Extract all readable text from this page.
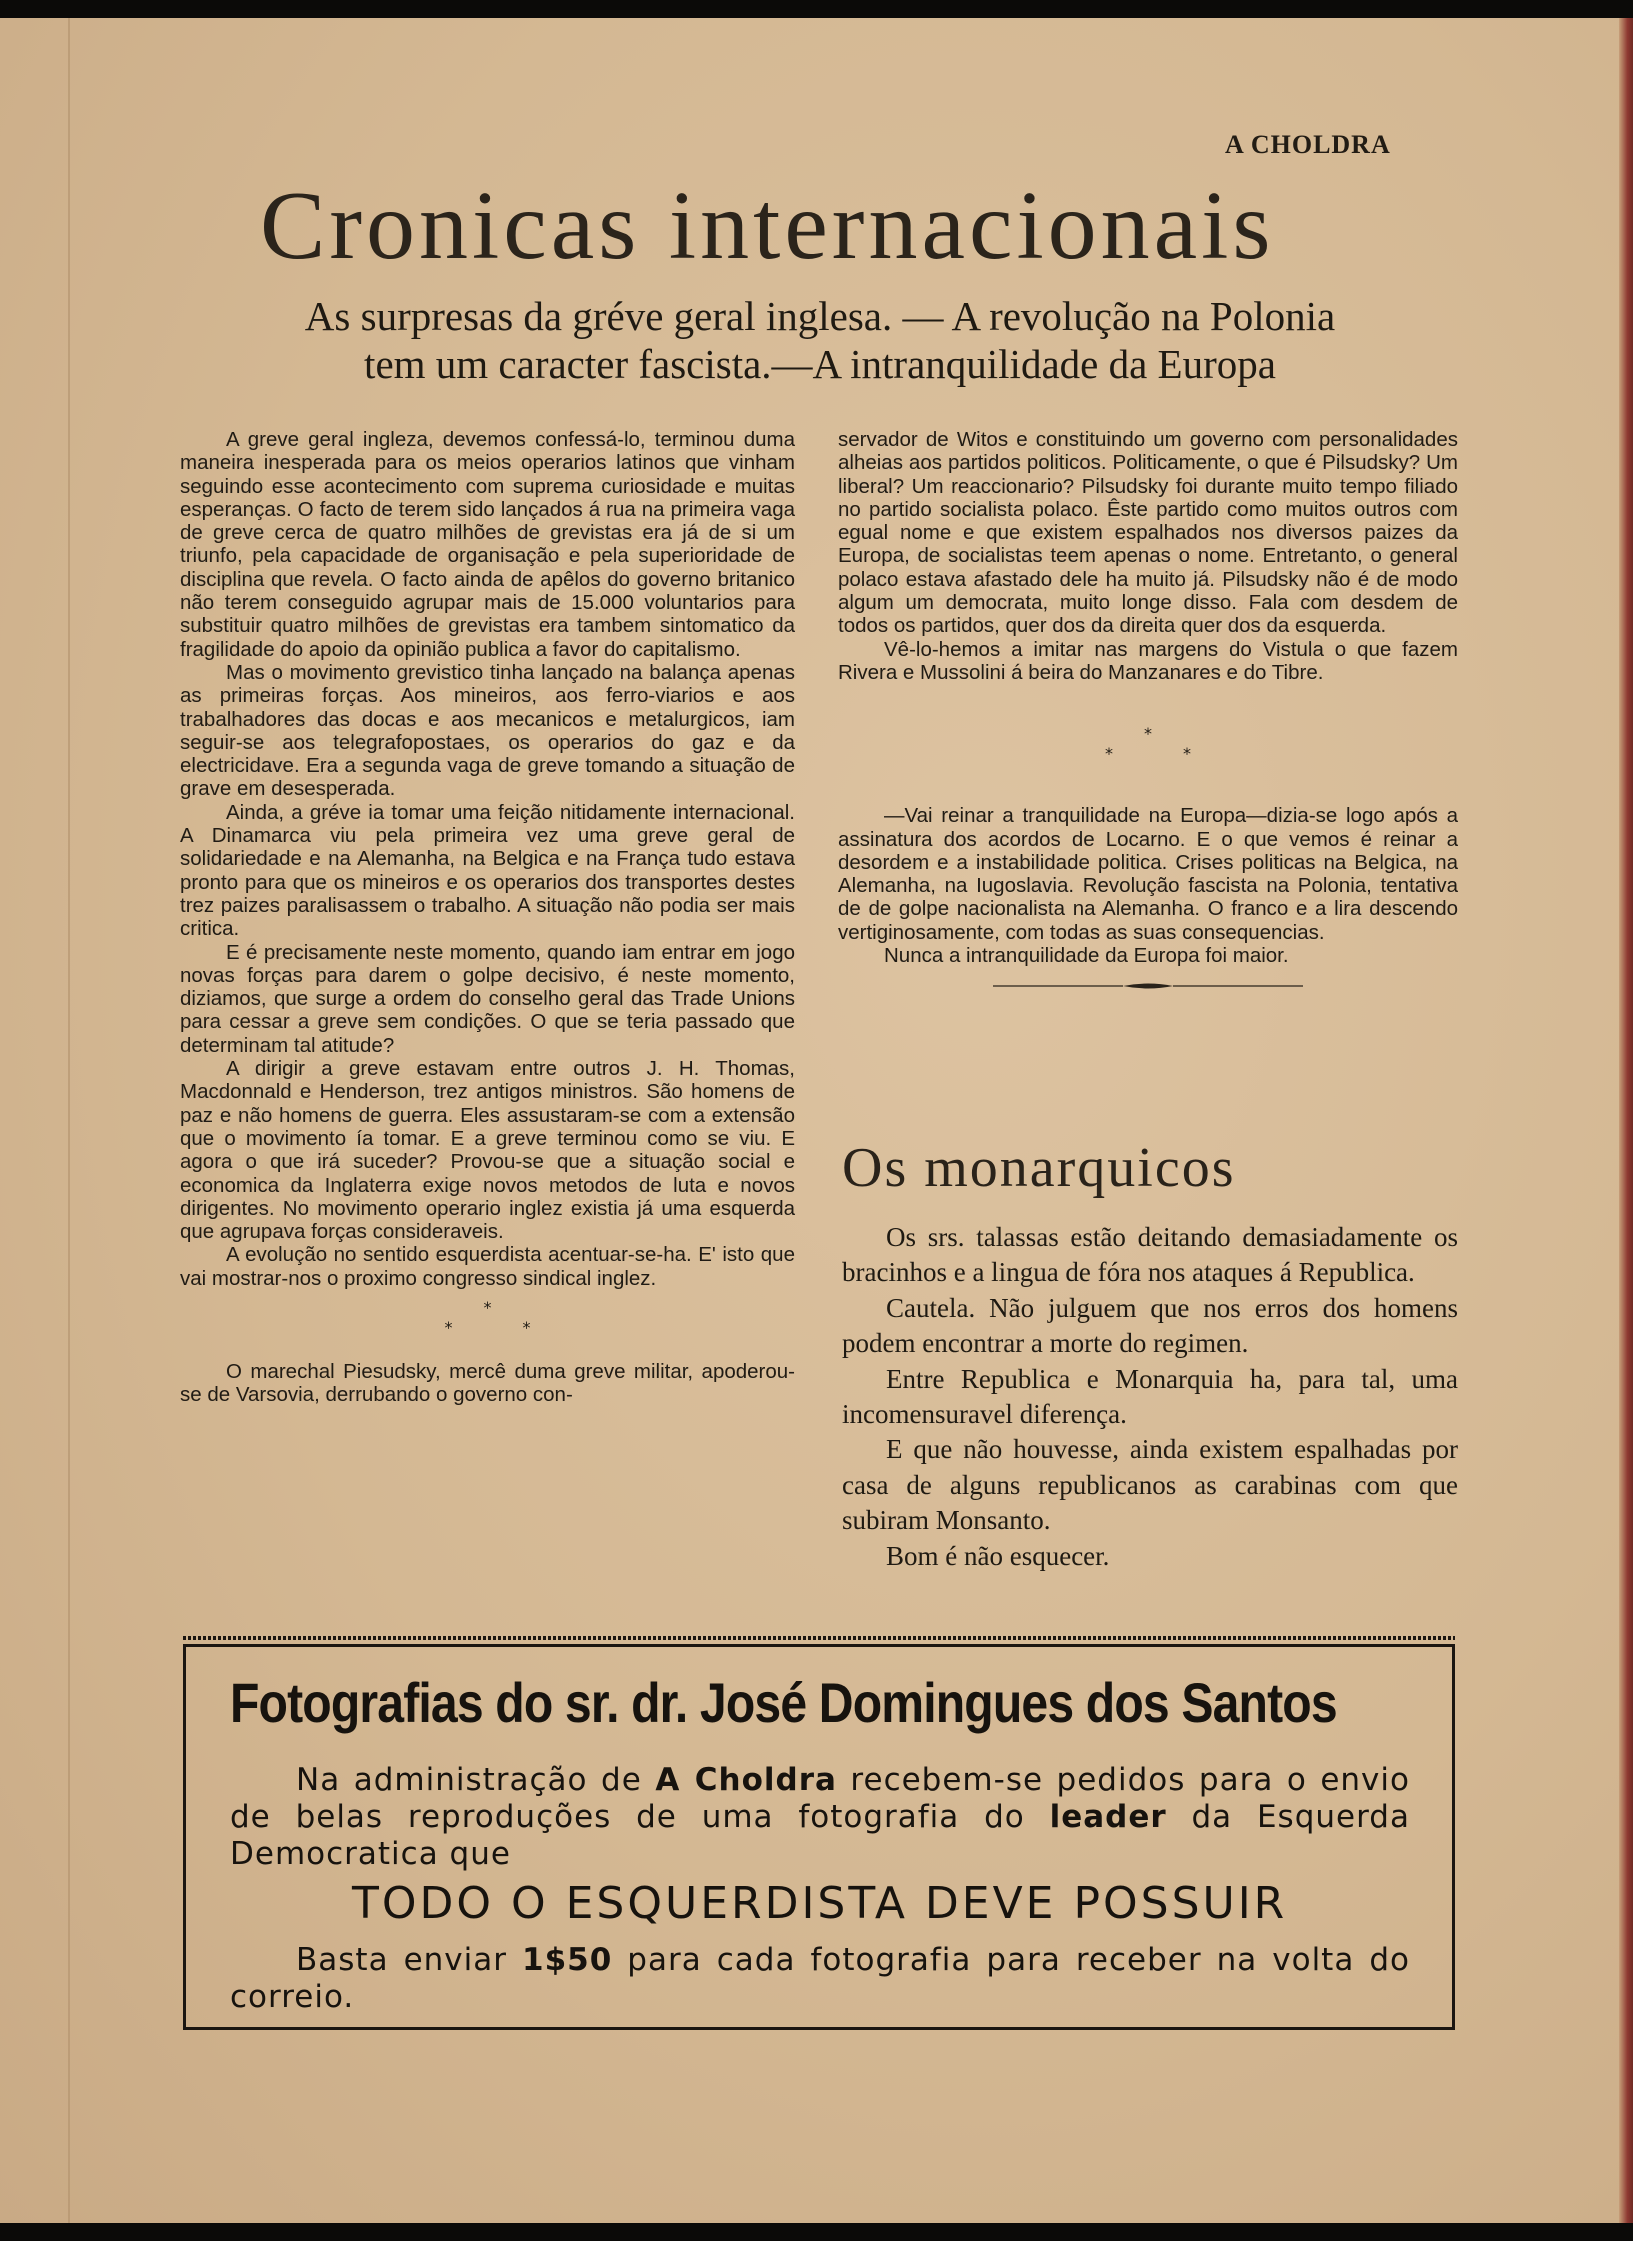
A CHOLDRA
Cronicas internacionais
As surpresas da gréve geral inglesa. — A revolução na Polonia
tem um caracter fascista.—A intranquilidade da Europa

A greve geral ingleza, devemos confessá-lo, terminou duma maneira inesperada para os meios operarios latinos que vinham seguindo esse acontecimento com suprema curiosidade e muitas esperanças. O facto de terem sido lançados á rua na primeira vaga de greve cerca de quatro milhões de grevistas era já de si um triunfo, pela capacidade de organisação e pela superioridade de disciplina que revela. O facto ainda de apêlos do governo britanico não terem conseguido agrupar mais de 15.000 voluntarios para substituir quatro milhões de grevistas era tambem sintomatico da fragilidade do apoio da opinião publica a favor do capitalismo.

Mas o movimento grevistico tinha lançado na balança apenas as primeiras forças. Aos mineiros, aos ferro-viarios e aos trabalhadores das docas e aos mecanicos e metalurgicos, iam seguir-se aos telegrafopostaes, os operarios do gaz e da electricidave. Era a segunda vaga de greve tomando a situação de grave em desesperada.

Ainda, a gréve ia tomar uma feição nitidamente internacional. A Dinamarca viu pela primeira vez uma greve geral de solidariedade e na Alemanha, na Belgica e na França tudo estava pronto para que os mineiros e os operarios dos transportes destes trez paizes paralisassem o trabalho. A situação não podia ser mais critica.

E é precisamente neste momento, quando iam entrar em jogo novas forças para darem o golpe decisivo, é neste momento, diziamos, que surge a ordem do conselho geral das Trade Unions para cessar a greve sem condições. O que se teria passado que determinam tal atitude?

A dirigir a greve estavam entre outros J. H. Thomas, Macdonnald e Henderson, trez antigos ministros. São homens de paz e não homens de guerra. Eles assustaram-se com a extensão que o movimento ía tomar. E a greve terminou como se viu. E agora o que irá suceder? Provou-se que a situação social e economica da Inglaterra exige novos metodos de luta e novos dirigentes. No movimento operario inglez existia já uma esquerda que agrupava forças consideraveis.

A evolução no sentido esquerdista acentuar-se-ha. E' isto que vai mostrar-nos o proximo congresso sindical inglez.

*
*	*

O marechal Piesudsky, mercê duma greve militar, apoderou-se de Varsovia, derrubando o governo con-

servador de Witos e constituindo um governo com personalidades alheias aos partidos politicos. Politicamente, o que é Pilsudsky? Um liberal? Um reaccionario? Pilsudsky foi durante muito tempo filiado no partido socialista polaco. Êste partido como muitos outros com egual nome e que existem espalhados nos diversos paizes da Europa, de socialistas teem apenas o nome. Entretanto, o general polaco estava afastado dele ha muito já. Pilsudsky não é de modo algum um democrata, muito longe disso. Fala com desdem de todos os partidos, quer dos da direita quer dos da esquerda.

Vê-lo-hemos a imitar nas margens do Vistula o que fazem Rivera e Mussolini á beira do Manzanares e do Tibre.

*
*	*

—Vai reinar a tranquilidade na Europa—dizia-se logo após a assinatura dos acordos de Locarno. E o que vemos é reinar a desordem e a instabilidade politica. Crises politicas na Belgica, na Alemanha, na Iugoslavia. Revolução fascista na Polonia, tentativa de de golpe nacionalista na Alemanha. O franco e a lira descendo vertiginosamente, com todas as suas consequencias.

Nunca a intranquilidade da Europa foi maior.

Os monarquicos

Os srs. talassas estão deitando demasiadamente os bracinhos e a lingua de fóra nos ataques á Republica.

Cautela. Não julguem que nos erros dos homens podem encontrar a morte do regimen.

Entre Republica e Monarquia ha, para tal, uma incomensuravel diferença.

E que não houvesse, ainda existem espalhadas por casa de alguns republicanos as carabinas com que subiram Monsanto.

Bom é não esquecer.

Fotografias do sr. dr. José Domingues dos Santos
Na administração de A Choldra recebem-se pedidos para o envio de belas reproduções de uma fotografia do leader da Esquerda Democratica que
TODO O ESQUERDISTA DEVE POSSUIR
Basta enviar 1$50 para cada fotografia para receber na volta do correio.
